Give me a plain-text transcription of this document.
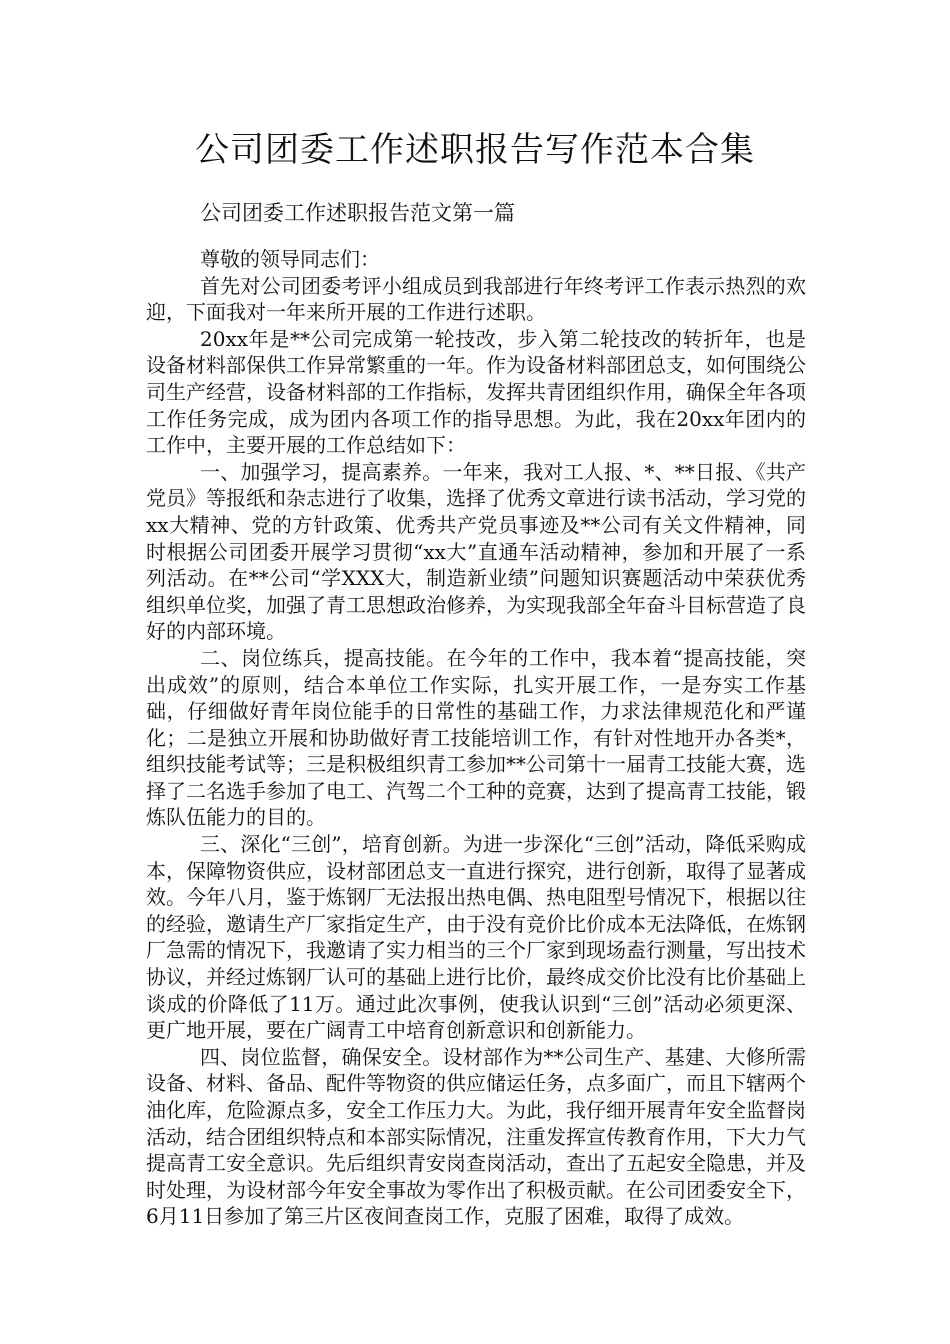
公司团委工作述职报告写作范本合集

公司团委工作述职报告范文第一篇

尊敬的领导同志们：

首先对公司团委考评小组成员到我部进行年终考评工作表示热烈的欢迎，下面我对一年来所开展的工作进行述职。

20xx年是**公司完成第一轮技改，步入第二轮技改的转折年，也是设备材料部保供工作异常繁重的一年。作为设备材料部团总支，如何围绕公司生产经营，设备材料部的工作指标，发挥共青团组织作用，确保全年各项工作任务完成，成为团内各项工作的指导思想。为此，我在20xx年团内的工作中，主要开展的工作总结如下：

一、加强学习，提高素养。一年来，我对工人报、*、**日报、《共产党员》等报纸和杂志进行了收集，选择了优秀文章进行读书活动，学习党的xx大精神、党的方针政策、优秀共产党员事迹及**公司有关文件精神，同时根据公司团委开展学习贯彻“xx大”直通车活动精神，参加和开展了一系列活动。在**公司“学XXX大，制造新业绩”问题知识赛题活动中荣获优秀组织单位奖，加强了青工思想政治修养，为实现我部全年奋斗目标营造了良好的内部环境。

二、岗位练兵，提高技能。在今年的工作中，我本着“提高技能，突出成效”的原则，结合本单位工作实际，扎实开展工作，一是夯实工作基础，仔细做好青年岗位能手的日常性的基础工作，力求法律规范化和严谨化；二是独立开展和协助做好青工技能培训工作，有针对性地开办各类*，组织技能考试等；三是积极组织青工参加**公司第十一届青工技能大赛，选择了二名选手参加了电工、汽驾二个工种的竞赛，达到了提高青工技能，锻炼队伍能力的目的。

三、深化“三创”，培育创新。为进一步深化“三创”活动，降低采购成本，保障物资供应，设材部团总支一直进行探究，进行创新，取得了显著成效。今年八月，鉴于炼钢厂无法报出热电偶、热电阻型号情况下，根据以往的经验，邀请生产厂家指定生产，由于没有竞价比价成本无法降低，在炼钢厂急需的情况下，我邀请了实力相当的三个厂家到现场盍行测量，写出技术协议，并经过炼钢厂认可的基础上进行比价，最终成交价比没有比价基础上谈成的价降低了11万。通过此次事例，使我认识到“三创”活动必须更深、更广地开展，要在广阔青工中培育创新意识和创新能力。

四、岗位监督，确保安全。设材部作为**公司生产、基建、大修所需设备、材料、备品、配件等物资的供应储运任务，点多面广，而且下辖两个油化库，危险源点多，安全工作压力大。为此，我仔细开展青年安全监督岗活动，结合团组织特点和本部实际情况，注重发挥宣传教育作用，下大力气提高青工安全意识。先后组织青安岗查岗活动，查出了五起安全隐患，并及时处理，为设材部今年安全事故为零作出了积极贡献。在公司团委安全下，6月11日参加了第三片区夜间查岗工作，克服了困难，取得了成效。
